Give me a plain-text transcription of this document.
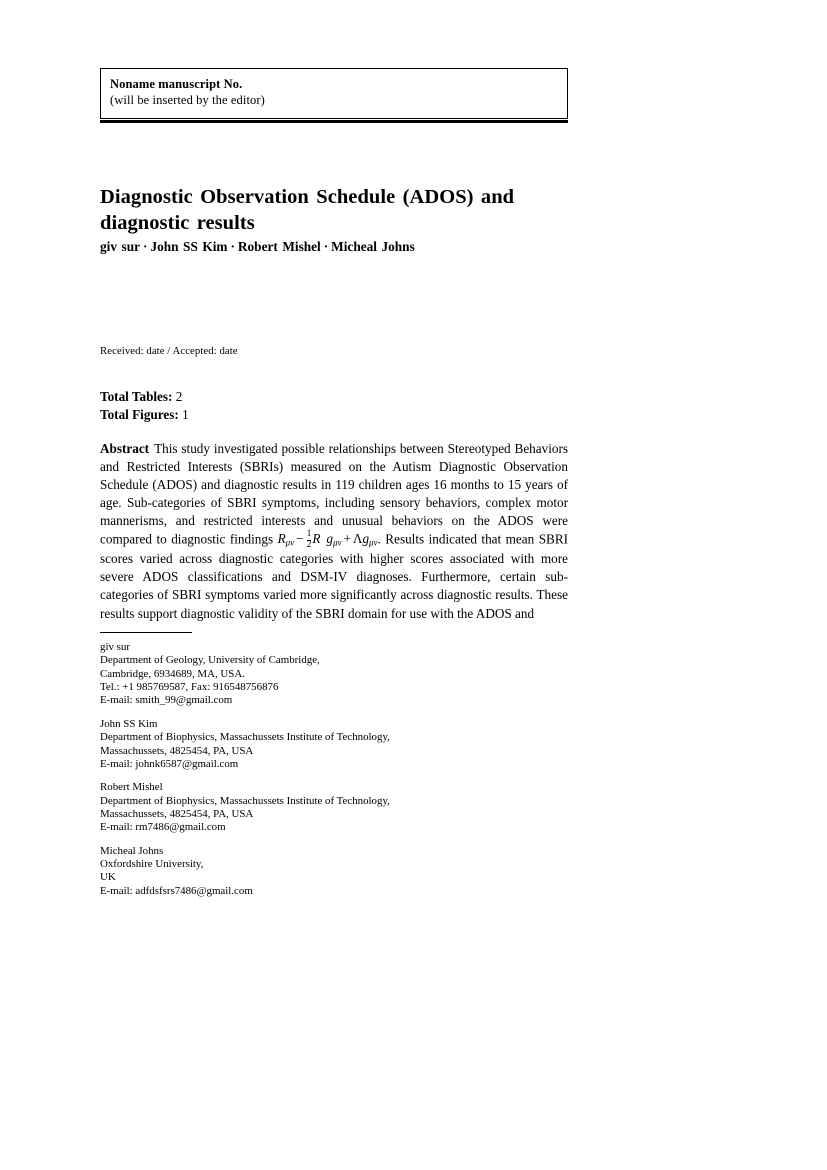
Noname manuscript No.
(will be inserted by the editor)
Diagnostic Observation Schedule (ADOS) and diagnostic results
giv sur · John SS Kim · Robert Mishel · Micheal Johns
Received: date / Accepted: date
Total Tables: 2
Total Figures: 1
Abstract This study investigated possible relationships between Stereotyped Behaviors and Restricted Interests (SBRIs) measured on the Autism Diagnostic Observation Schedule (ADOS) and diagnostic results in 119 children ages 16 months to 15 years of age. Sub-categories of SBRI symptoms, including sensory behaviors, complex motor mannerisms, and restricted interests and unusual behaviors on the ADOS were compared to diagnostic findings $R_{\mu\nu} - \frac{1}{2}$ R $g_{\mu\nu} + \Lambda g_{\mu\nu}$. Results indicated that mean SBRI scores varied across diagnostic categories with higher scores associated with more severe ADOS classifications and DSM-IV diagnoses. Furthermore, certain sub-categories of SBRI symptoms varied more significantly across diagnostic results. These results support diagnostic validity of the SBRI domain for use with the ADOS and
giv sur
Department of Geology, University of Cambridge,
Cambridge, 6934689, MA, USA.
Tel.: +1 985769587, Fax: 916548756876
E-mail: smith_99@gmail.com
John SS Kim
Department of Biophysics, Massachussets Institute of Technology,
Massachussets, 4825454, PA, USA
E-mail: johnk6587@gmail.com
Robert Mishel
Department of Biophysics, Massachussets Institute of Technology,
Massachussets, 4825454, PA, USA
E-mail: rm7486@gmail.com
Micheal Johns
Oxfordshire University,
UK
E-mail: adfdsfsrs7486@gmail.com
